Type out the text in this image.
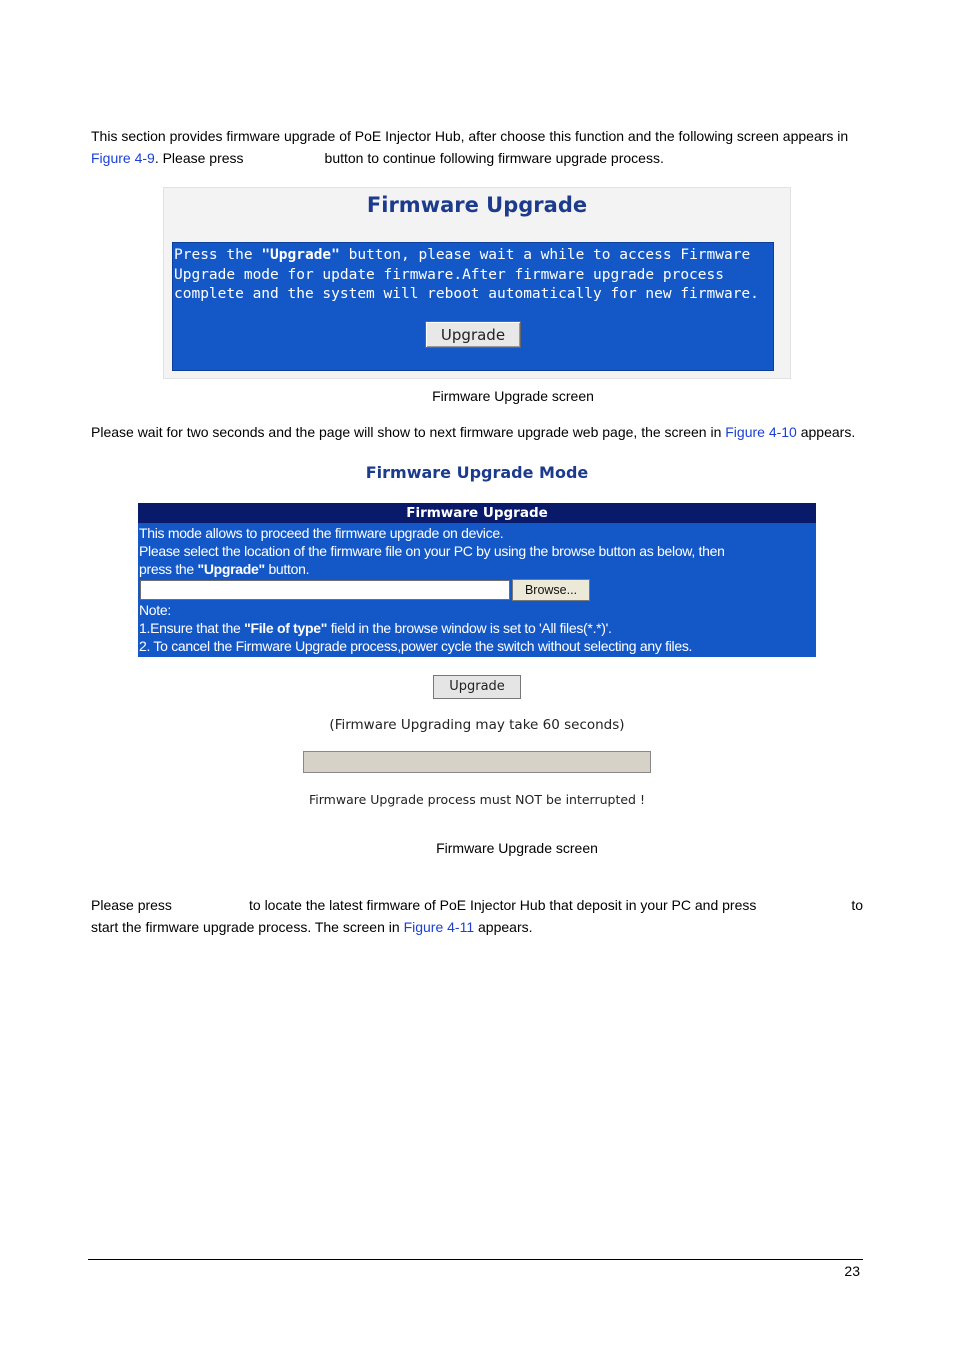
This section provides firmware upgrade of PoE Injector Hub, after choose this function and the following screen appears in
Figure 4-9. Please press	button to continue following firmware upgrade process.
Firmware Upgrade
Press the "Upgrade" button, please wait a while to access Firmware Upgrade mode for update firmware.After firmware upgrade process complete and the system will reboot automatically for new firmware.
Upgrade
Firmware Upgrade screen
Please wait for two seconds and the page will show to next firmware upgrade web page, the screen in Figure 4-10 appears.
Firmware Upgrade Mode
Firmware Upgrade
This mode allows to proceed the firmware upgrade on device.
Please select the location of the firmware file on your PC by using the browse button as below, then
press the "Upgrade" button.
Browse...
Note:
1.Ensure that the "File of type" field in the browse window is set to 'All files(*.*)'.
2. To cancel the Firmware Upgrade process,power cycle the switch without selecting any files.
Upgrade
(Firmware Upgrading may take 60 seconds)
Firmware Upgrade process must NOT be interrupted !
Firmware Upgrade screen
Please press	to locate the latest firmware of PoE Injector Hub that deposit in your PC and press	to
start the firmware upgrade process. The screen in Figure 4-11 appears.
23
